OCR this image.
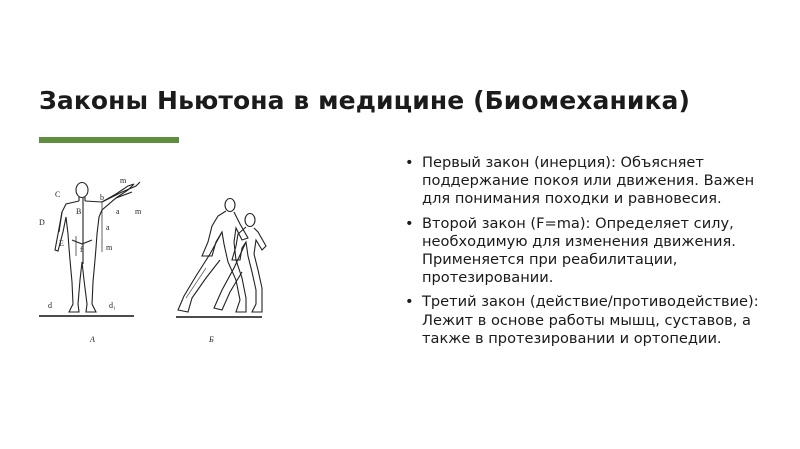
Законы Ньютона в медицине (Биомеханика)
m
C	b
D
B	a m
a
E	m
f
d	d₁
А	Б
• Первый закон (инерция): Объясняет поддержание покоя или движения. Важен для понимания походки и равновесия.
• Второй закон (F=ma): Определяет силу, необходимую для изменения движения. Применяется при реабилитации, протезировании.
• Третий закон (действие/противодействие): Лежит в основе работы мышц, суставов, а также в протезировании и ортопедии.
